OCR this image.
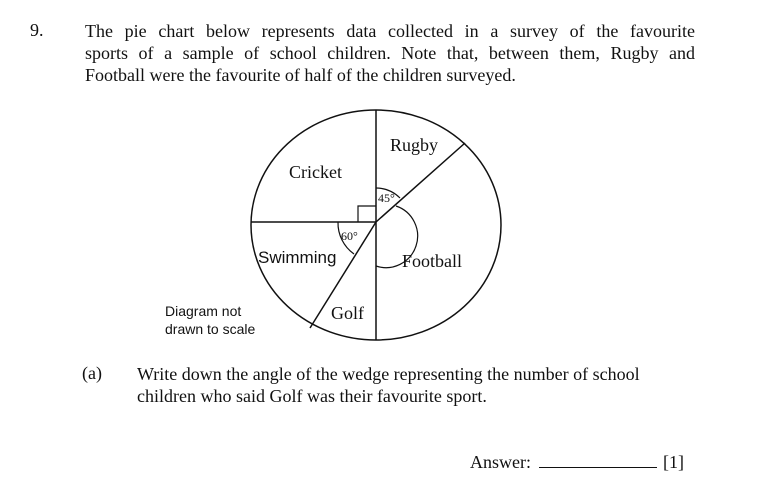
9. The pie chart below represents data collected in a survey of the favourite
sports of a sample of school children. Note that, between them, Rugby and
Football were the favourite of half of the children surveyed.
Cricket
Rugby
Football
Golf
Swimming
45°
60°
Diagram not
drawn to scale
(a) Write down the angle of the wedge representing the number of school
children who said Golf was their favourite sport.
Answer:	[1]
